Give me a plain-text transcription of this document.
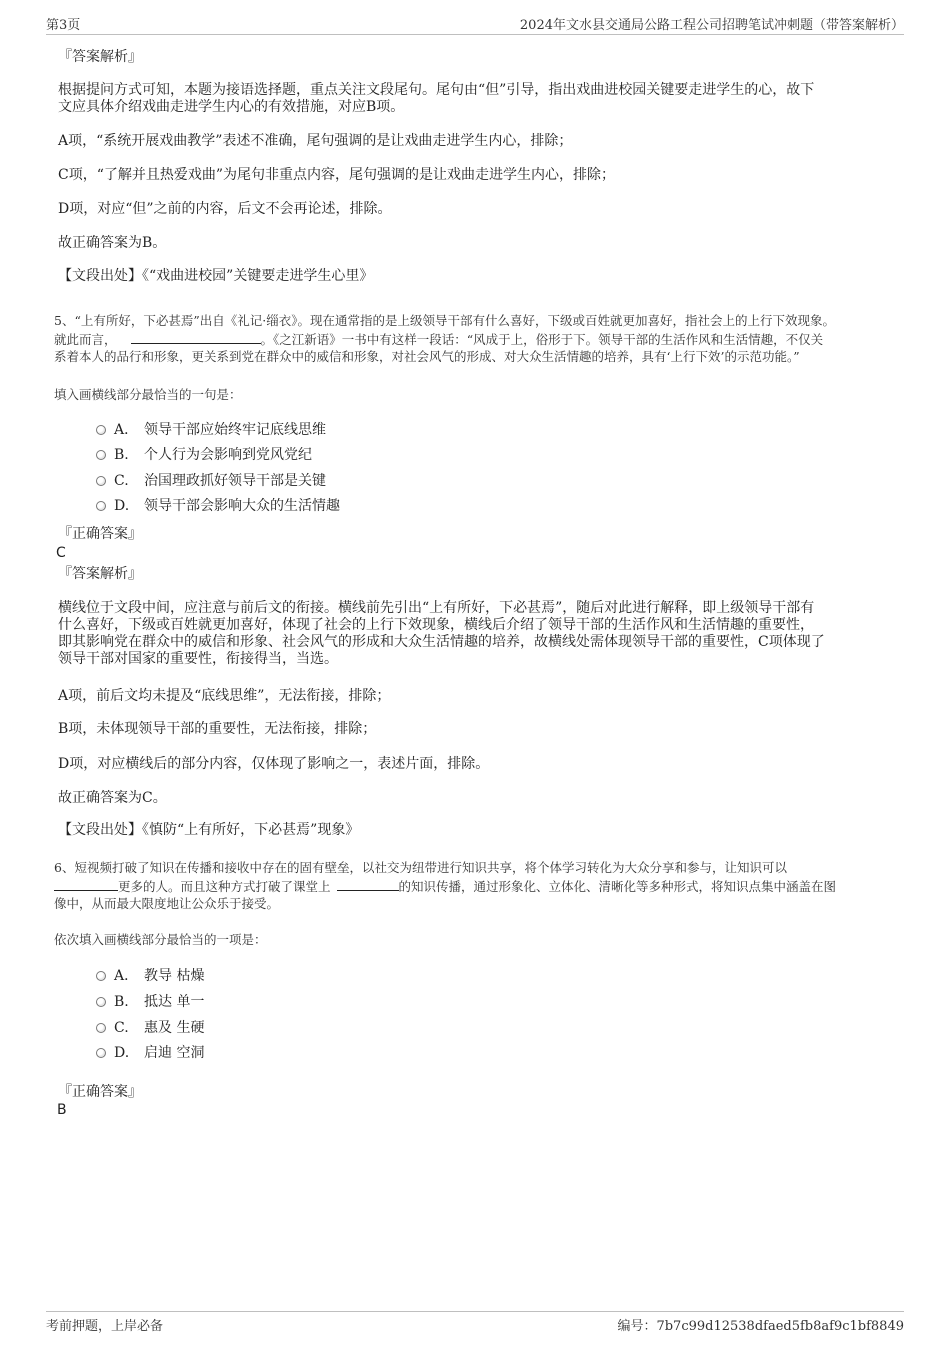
第3页	2024年文水县交通局公路工程公司招聘笔试冲刺题（带答案解析）
『答案解析』
根据提问方式可知，本题为接语选择题，重点关注文段尾句。尾句由“但”引导，指出戏曲进校园关键要走进学生的心，故下
文应具体介绍戏曲走进学生内心的有效措施，对应B项。
A项，“系统开展戏曲教学”表述不准确，尾句强调的是让戏曲走进学生内心，排除；
C项，“了解并且热爱戏曲”为尾句非重点内容，尾句强调的是让戏曲走进学生内心，排除；
D项，对应“但”之前的内容，后文不会再论述，排除。
故正确答案为B。
【文段出处】《“戏曲进校园”关键要走进学生心里》
5、“上有所好，下必甚焉”出自《礼记·缁衣》。现在通常指的是上级领导干部有什么喜好，下级或百姓就更加喜好，指社会上的上行下效现象。
就此而言，	。《之江新语》一书中有这样一段话：“风成于上，俗形于下。领导干部的生活作风和生活情趣，不仅关
系着本人的品行和形象，更关系到党在群众中的威信和形象，对社会风气的形成、对大众生活情趣的培养，具有‘上行下效’的示范功能。”
填入画横线部分最恰当的一句是：
A． 领导干部应始终牢记底线思维
B. 个人行为会影响到党风党纪
C. 治国理政抓好领导干部是关键
D. 领导干部会影响大众的生活情趣
『正确答案』
C
『答案解析』
横线位于文段中间，应注意与前后文的衔接。横线前先引出“上有所好，下必甚焉”，随后对此进行解释，即上级领导干部有
什么喜好，下级或百姓就更加喜好，体现了社会的上行下效现象，横线后介绍了领导干部的生活作风和生活情趣的重要性，
即其影响党在群众中的威信和形象、社会风气的形成和大众生活情趣的培养，故横线处需体现领导干部的重要性，C项体现了
领导干部对国家的重要性，衔接得当，当选。
A项，前后文均未提及“底线思维”，无法衔接，排除；
B项，未体现领导干部的重要性，无法衔接，排除；
D项，对应横线后的部分内容，仅体现了影响之一，表述片面，排除。
故正确答案为C。
【文段出处】《慎防“上有所好，下必甚焉”现象》
6、短视频打破了知识在传播和接收中存在的固有壁垒，以社交为纽带进行知识共享，将个体学习转化为大众分享和参与，让知识可以
更多的人。而且这种方式打破了课堂上	的知识传播，通过形象化、立体化、清晰化等多种形式，将知识点集中涵盖在图
像中，从而最大限度地让公众乐于接受。
依次填入画横线部分最恰当的一项是：
A． 教导 枯燥
B. 抵达 单一
C. 惠及 生硬
D. 启迪 空洞
『正确答案』
B
考前押题，上岸必备	编号：7b7c99d12538dfaed5fb8af9c1bf8849
